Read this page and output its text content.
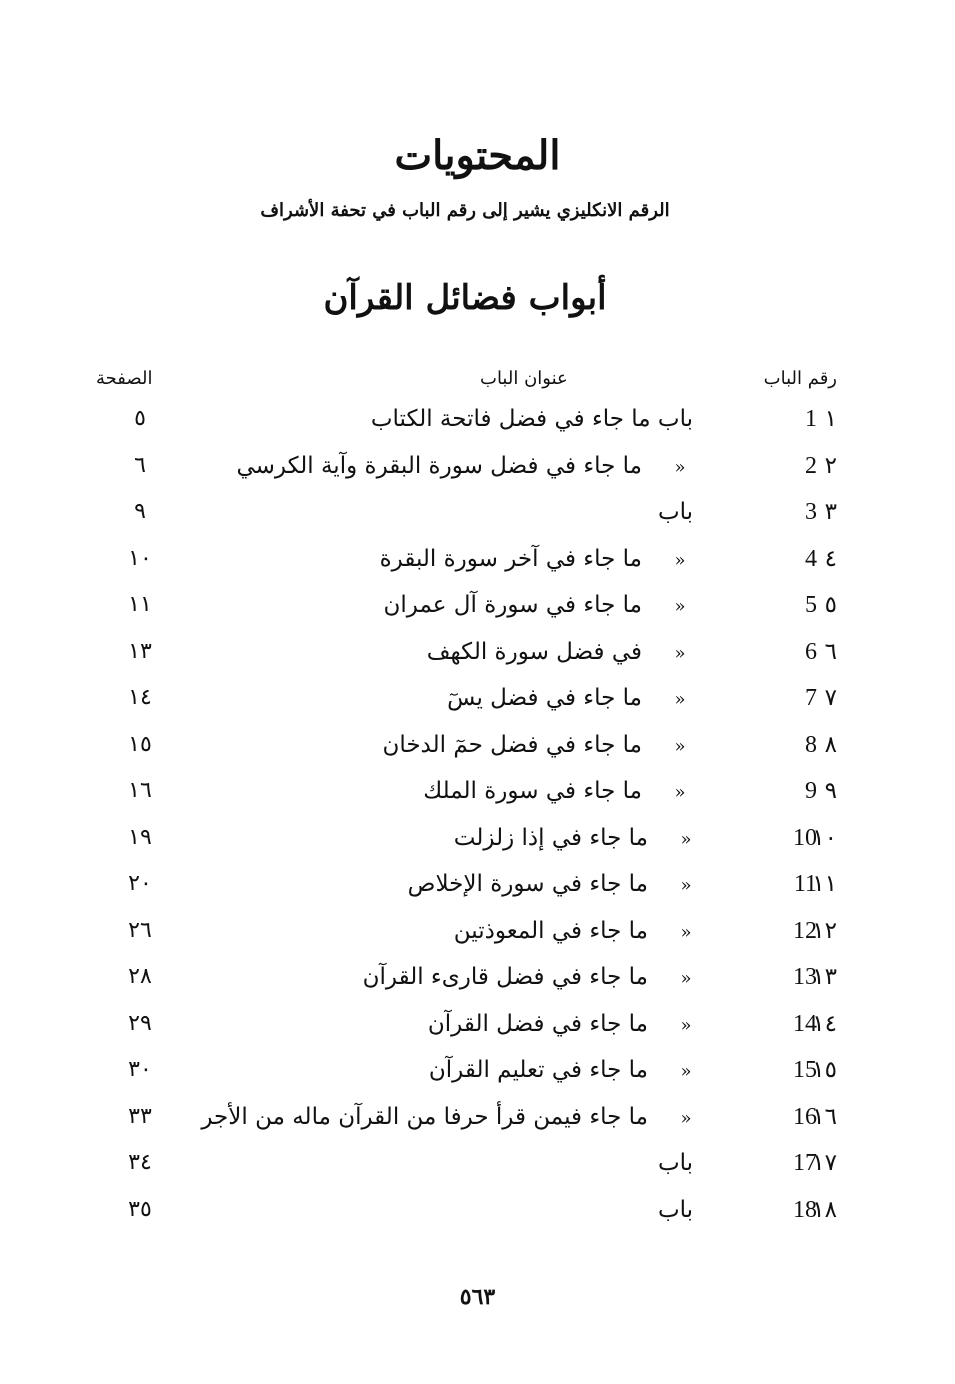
المحتويات
الرقم الانكليزي يشير إلى رقم الباب في تحفة الأشراف
أبواب فضائل القرآن
رقم الباب
عنوان الباب
الصفحة
١
1
باب ما جاء في فضل فاتحة الكتاب
٥
٢
2
»
ما جاء في فضل سورة البقرة وآية الكرسي
٦
٣
3
باب
٩
٤
4
»
ما جاء في آخر سورة البقرة
١٠
٥
5
»
ما جاء في سورة آل عمران
١١
٦
6
»
في فضل سورة الكهف
١٣
٧
7
»
ما جاء في فضل يسٓ
١٤
٨
8
»
ما جاء في فضل حمٓ الدخان
١٥
٩
9
»
ما جاء في سورة الملك
١٦
١٠
10
»
ما جاء في إذا زلزلت
١٩
١١
11
»
ما جاء في سورة الإخلاص
٢٠
١٢
12
»
ما جاء في المعوذتين
٢٦
١٣
13
»
ما جاء في فضل قارىء القرآن
٢٨
١٤
14
»
ما جاء في فضل القرآن
٢٩
١٥
15
»
ما جاء في تعليم القرآن
٣٠
١٦
16
»
ما جاء فيمن قرأ حرفا من القرآن ماله من الأجر
٣٣
١٧
17
باب
٣٤
١٨
18
باب
٣٥
٥٦٣
